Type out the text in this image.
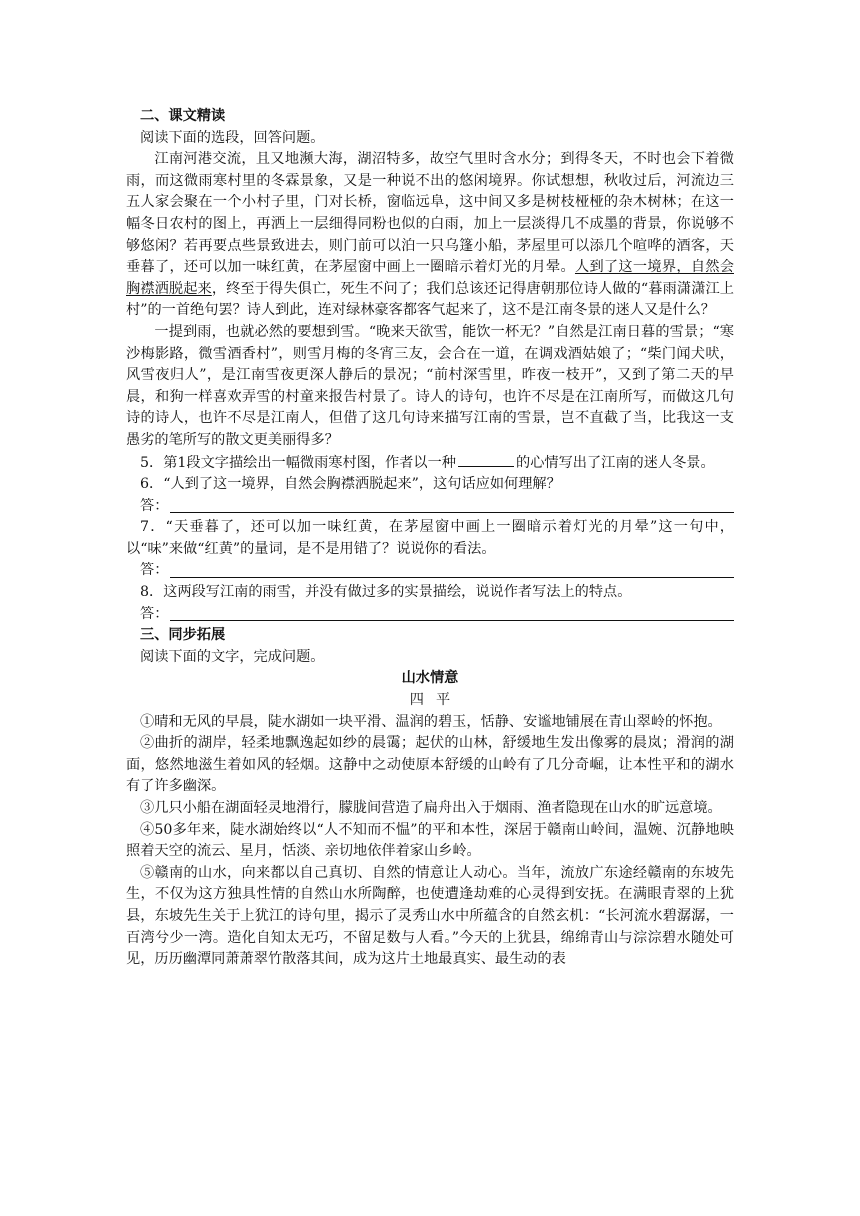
二、课文精读

阅读下面的选段，回答问题。

江南河港交流，且又地濒大海，湖沼特多，故空气里时含水分；到得冬天，不时也会下着微雨，而这微雨寒村里的冬霖景象，又是一种说不出的悠闲境界。你试想想，秋收过后，河流边三五人家会聚在一个小村子里，门对长桥，窗临远阜，这中间又多是树枝桠桠的杂木树林；在这一幅冬日农村的图上，再洒上一层细得同粉也似的白雨，加上一层淡得几不成墨的背景，你说够不够悠闲？若再要点些景致进去，则门前可以泊一只乌篷小船，茅屋里可以添几个喧哗的酒客，天垂暮了，还可以加一味红黄，在茅屋窗中画上一圈暗示着灯光的月晕。人到了这一境界，自然会胸襟洒脱起来，终至于得失俱亡，死生不问了；我们总该还记得唐朝那位诗人做的“暮雨潇潇江上村”的一首绝句罢？诗人到此，连对绿林豪客都客气起来了，这不是江南冬景的迷人又是什么？

一提到雨，也就必然的要想到雪。“晚来天欲雪，能饮一杯无？”自然是江南日暮的雪景；“寒沙梅影路，微雪酒香村”，则雪月梅的冬宵三友，会合在一道，在调戏酒姑娘了；“柴门闻犬吠，风雪夜归人”，是江南雪夜更深人静后的景况；“前村深雪里，昨夜一枝开”，又到了第二天的早晨，和狗一样喜欢弄雪的村童来报告村景了。诗人的诗句，也许不尽是在江南所写，而做这几句诗的诗人，也许不尽是江南人，但借了这几句诗来描写江南的雪景，岂不直截了当，比我这一支愚劣的笔所写的散文更美丽得多？

5．第1段文字描绘出一幅微雨寒村图，作者以一种	的心情写出了江南的迷人冬景。

6．“人到了这一境界，自然会胸襟洒脱起来”，这句话应如何理解？

答：

7．“天垂暮了，还可以加一味红黄，在茅屋窗中画上一圈暗示着灯光的月晕”这一句中，以“味”来做“红黄”的量词，是不是用错了？说说你的看法。

答：

8．这两段写江南的雨雪，并没有做过多的实景描绘，说说作者写法上的特点。

答：

三、同步拓展

阅读下面的文字，完成问题。

山水情意

四平

①晴和无风的早晨，陡水湖如一块平滑、温润的碧玉，恬静、安谧地铺展在青山翠岭的怀抱。

②曲折的湖岸，轻柔地飘逸起如纱的晨霭；起伏的山林，舒缓地生发出像雾的晨岚；滑润的湖面，悠然地滋生着如风的轻烟。这静中之动使原本舒缓的山岭有了几分奇崛，让本性平和的湖水有了许多幽深。

③几只小船在湖面轻灵地滑行，朦胧间营造了扁舟出入于烟雨、渔者隐现在山水的旷远意境。

④50多年来，陡水湖始终以“人不知而不愠”的平和本性，深居于赣南山岭间，温婉、沉静地映照着天空的流云、星月，恬淡、亲切地依伴着家山乡岭。

⑤赣南的山水，向来都以自己真切、自然的情意让人动心。当年，流放广东途经赣南的东坡先生，不仅为这方独具性情的自然山水所陶醉，也使遭逢劫难的心灵得到安抚。在满眼青翠的上犹县，东坡先生关于上犹江的诗句里，揭示了灵秀山水中所蕴含的自然玄机：“长河流水碧潺潺，一百湾兮少一湾。造化自知太无巧，不留足数与人看。”今天的上犹县，绵绵青山与淙淙碧水随处可见，历历幽潭同萧萧翠竹散落其间，成为这片土地最真实、最生动的表
